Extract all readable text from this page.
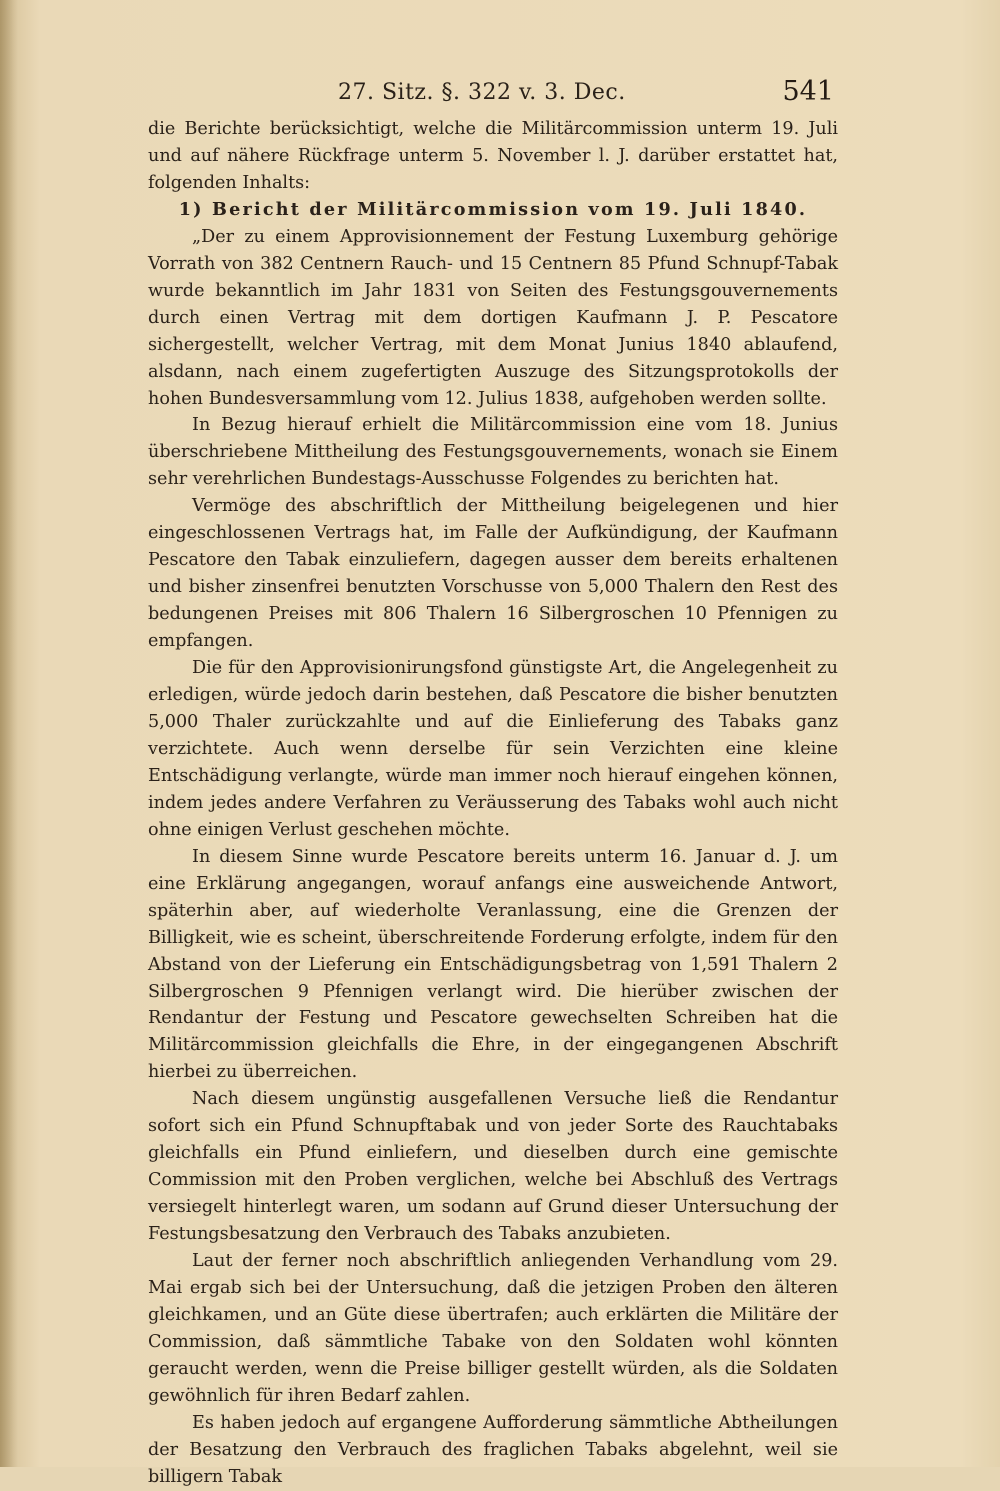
27. Sitz. §. 322 v. 3. Dec.	541

die Berichte berücksichtigt, welche die Militärcommission unterm 19. Juli und auf nähere Rückfrage unterm 5. November l. J. darüber erstattet hat, folgenden Inhalts:

1) Bericht der Militärcommission vom 19. Juli 1840.

„Der zu einem Approvisionnement der Festung Luxemburg gehörige Vorrath von 382 Centnern Rauch- und 15 Centnern 85 Pfund Schnupf-Tabak wurde bekanntlich im Jahr 1831 von Seiten des Festungsgouvernements durch einen Vertrag mit dem dortigen Kaufmann J. P. Pescatore sichergestellt, welcher Vertrag, mit dem Monat Junius 1840 ablaufend, alsdann, nach einem zugefertigten Auszuge des Sitzungsprotokolls der hohen Bundesversammlung vom 12. Julius 1838, aufgehoben werden sollte.

In Bezug hierauf erhielt die Militärcommission eine vom 18. Junius überschriebene Mittheilung des Festungsgouvernements, wonach sie Einem sehr verehrlichen Bundestags-Ausschusse Folgendes zu berichten hat.

Vermöge des abschriftlich der Mittheilung beigelegenen und hier eingeschlossenen Vertrags hat, im Falle der Aufkündigung, der Kaufmann Pescatore den Tabak einzuliefern, dagegen ausser dem bereits erhaltenen und bisher zinsenfrei benutzten Vorschusse von 5,000 Thalern den Rest des bedungenen Preises mit 806 Thalern 16 Silbergroschen 10 Pfennigen zu empfangen.

Die für den Approvisionirungsfond günstigste Art, die Angelegenheit zu erledigen, würde jedoch darin bestehen, daß Pescatore die bisher benutzten 5,000 Thaler zurückzahlte und auf die Einlieferung des Tabaks ganz verzichtete. Auch wenn derselbe für sein Verzichten eine kleine Entschädigung verlangte, würde man immer noch hierauf eingehen können, indem jedes andere Verfahren zu Veräusserung des Tabaks wohl auch nicht ohne einigen Verlust geschehen möchte.

In diesem Sinne wurde Pescatore bereits unterm 16. Januar d. J. um eine Erklärung angegangen, worauf anfangs eine ausweichende Antwort, späterhin aber, auf wiederholte Veranlassung, eine die Grenzen der Billigkeit, wie es scheint, überschreitende Forderung erfolgte, indem für den Abstand von der Lieferung ein Entschädigungsbetrag von 1,591 Thalern 2 Silbergroschen 9 Pfennigen verlangt wird. Die hierüber zwischen der Rendantur der Festung und Pescatore gewechselten Schreiben hat die Militärcommission gleichfalls die Ehre, in der eingegangenen Abschrift hierbei zu überreichen.

Nach diesem ungünstig ausgefallenen Versuche ließ die Rendantur sofort sich ein Pfund Schnupftabak und von jeder Sorte des Rauchtabaks gleichfalls ein Pfund einliefern, und dieselben durch eine gemischte Commission mit den Proben verglichen, welche bei Abschluß des Vertrags versiegelt hinterlegt waren, um sodann auf Grund dieser Untersuchung der Festungsbesatzung den Verbrauch des Tabaks anzubieten.

Laut der ferner noch abschriftlich anliegenden Verhandlung vom 29. Mai ergab sich bei der Untersuchung, daß die jetzigen Proben den älteren gleichkamen, und an Güte diese übertrafen; auch erklärten die Militäre der Commission, daß sämmtliche Tabake von den Soldaten wohl könnten geraucht werden, wenn die Preise billiger gestellt würden, als die Soldaten gewöhnlich für ihren Bedarf zahlen.

Es haben jedoch auf ergangene Aufforderung sämmtliche Abtheilungen der Besatzung den Verbrauch des fraglichen Tabaks abgelehnt, weil sie billigern Tabak
